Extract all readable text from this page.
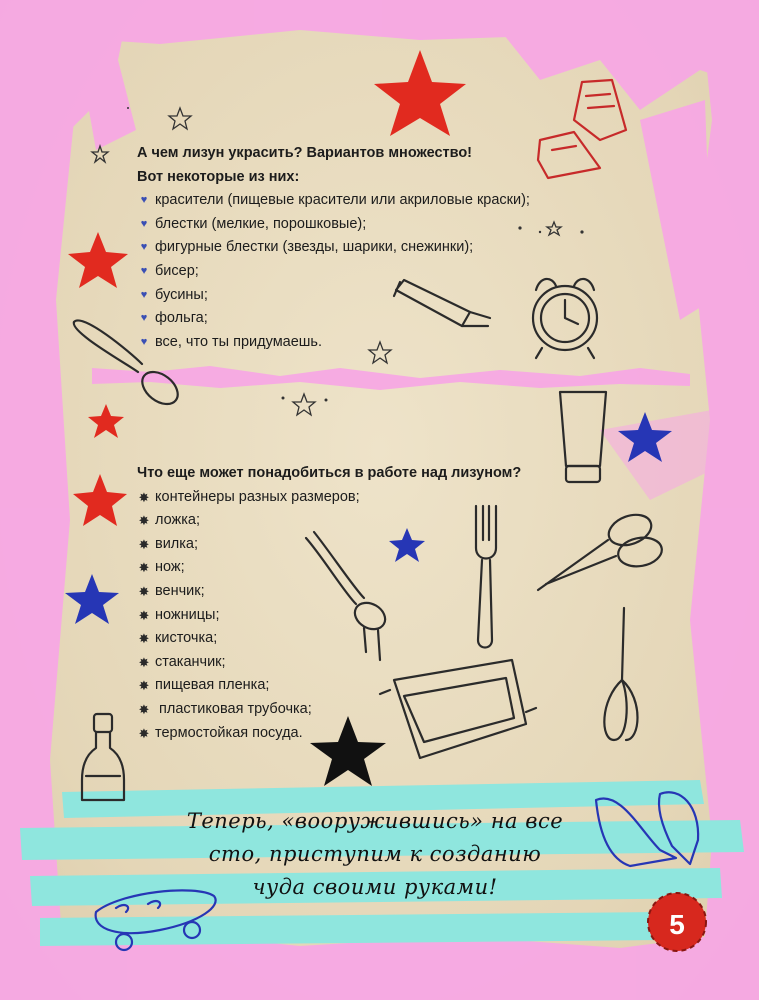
А чем лизун украсить? Вариантов множество!
Вот некоторые из них:
♥ красители (пищевые красители или акриловые краски);
♥ блестки (мелкие, порошковые);
♥ фигурные блестки (звезды, шарики, снежинки);
♥ бисер;
♥ бусины;
♥ фольга;
♥ все, что ты придумаешь.
Что еще может понадобиться в работе над лизуном?
✸ контейнеры разных размеров;
✸ ложка;
✸ вилка;
✸ нож;
✸ венчик;
✸ ножницы;
✸ кисточка;
✸ стаканчик;
✸ пищевая пленка;
✸ пластиковая трубочка;
✸ термостойкая посуда.
Теперь, «вооружившись» на все
сто, приступим к созданию
чуда своими руками!
5
